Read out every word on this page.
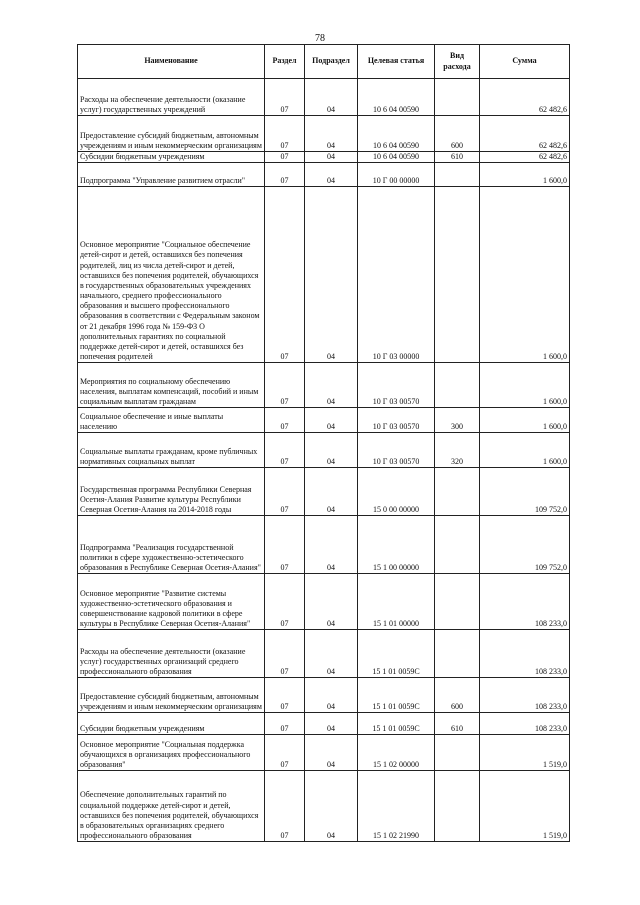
78
Наименование	Раздел	Подраздел	Целевая статья	Вид расхода	Сумма
Расходы на обеспечение деятельности (оказание услуг) государственных учреждений	07	04	10 6 04 00590		62 482,6
Предоставление субсидий бюджетным, автономным учреждениям и иным некоммерческим организациям	07	04	10 6 04 00590	600	62 482,6
Субсидии бюджетным учреждениям	07	04	10 6 04 00590	610	62 482,6
Подпрограмма "Управление развитием отрасли"	07	04	10 Г 00 00000		1 600,0
Основное мероприятие "Социальное обеспечение детей-сирот и детей, оставшихся без попечения родителей, лиц из числа детей-сирот и детей, оставшихся без попечения родителей, обучающихся в государственных образовательных учреждениях начального, среднего профессионального образования и высшего профессионального образования в соответствии с Федеральным законом от 21 декабря 1996 года № 159-ФЗ О дополнительных гарантиях по социальной поддержке детей-сирот и детей, оставшихся без попечения родителей	07	04	10 Г 03 00000		1 600,0
Мероприятия по социальному обеспечению населения, выплатам компенсаций, пособий и иным социальным выплатам гражданам	07	04	10 Г 03 00570		1 600,0
Социальное обеспечение и иные выплаты населению	07	04	10 Г 03 00570	300	1 600,0
Социальные выплаты гражданам, кроме публичных нормативных социальных выплат	07	04	10 Г 03 00570	320	1 600,0
Государственная программа Республики Северная Осетия-Алания Развитие культуры Республики Северная Осетия-Алания на 2014-2018 годы	07	04	15 0 00 00000		109 752,0
Подпрограмма "Реализация государственной политики в сфере художественно-эстетического образования в Республике Северная Осетия-Алания"	07	04	15 1 00 00000		109 752,0
Основное мероприятие "Развитие системы художественно-эстетического образования и совершенствование кадровой политики в сфере культуры в Республике Северная Осетия-Алания"	07	04	15 1 01 00000		108 233,0
Расходы на обеспечение деятельности (оказание услуг) государственных организаций среднего профессионального образования	07	04	15 1 01 0059С		108 233,0
Предоставление субсидий бюджетным, автономным учреждениям и иным некоммерческим организациям	07	04	15 1 01 0059С	600	108 233,0
Субсидии бюджетным учреждениям	07	04	15 1 01 0059С	610	108 233,0
Основное мероприятие "Социальная поддержка обучающихся в организациях профессионального образования"	07	04	15 1 02 00000		1 519,0
Обеспечение дополнительных гарантий по социальной поддержке детей-сирот и детей, оставшихся без попечения родителей, обучающихся в образовательных организациях среднего профессионального образования	07	04	15 1 02 21990		1 519,0
